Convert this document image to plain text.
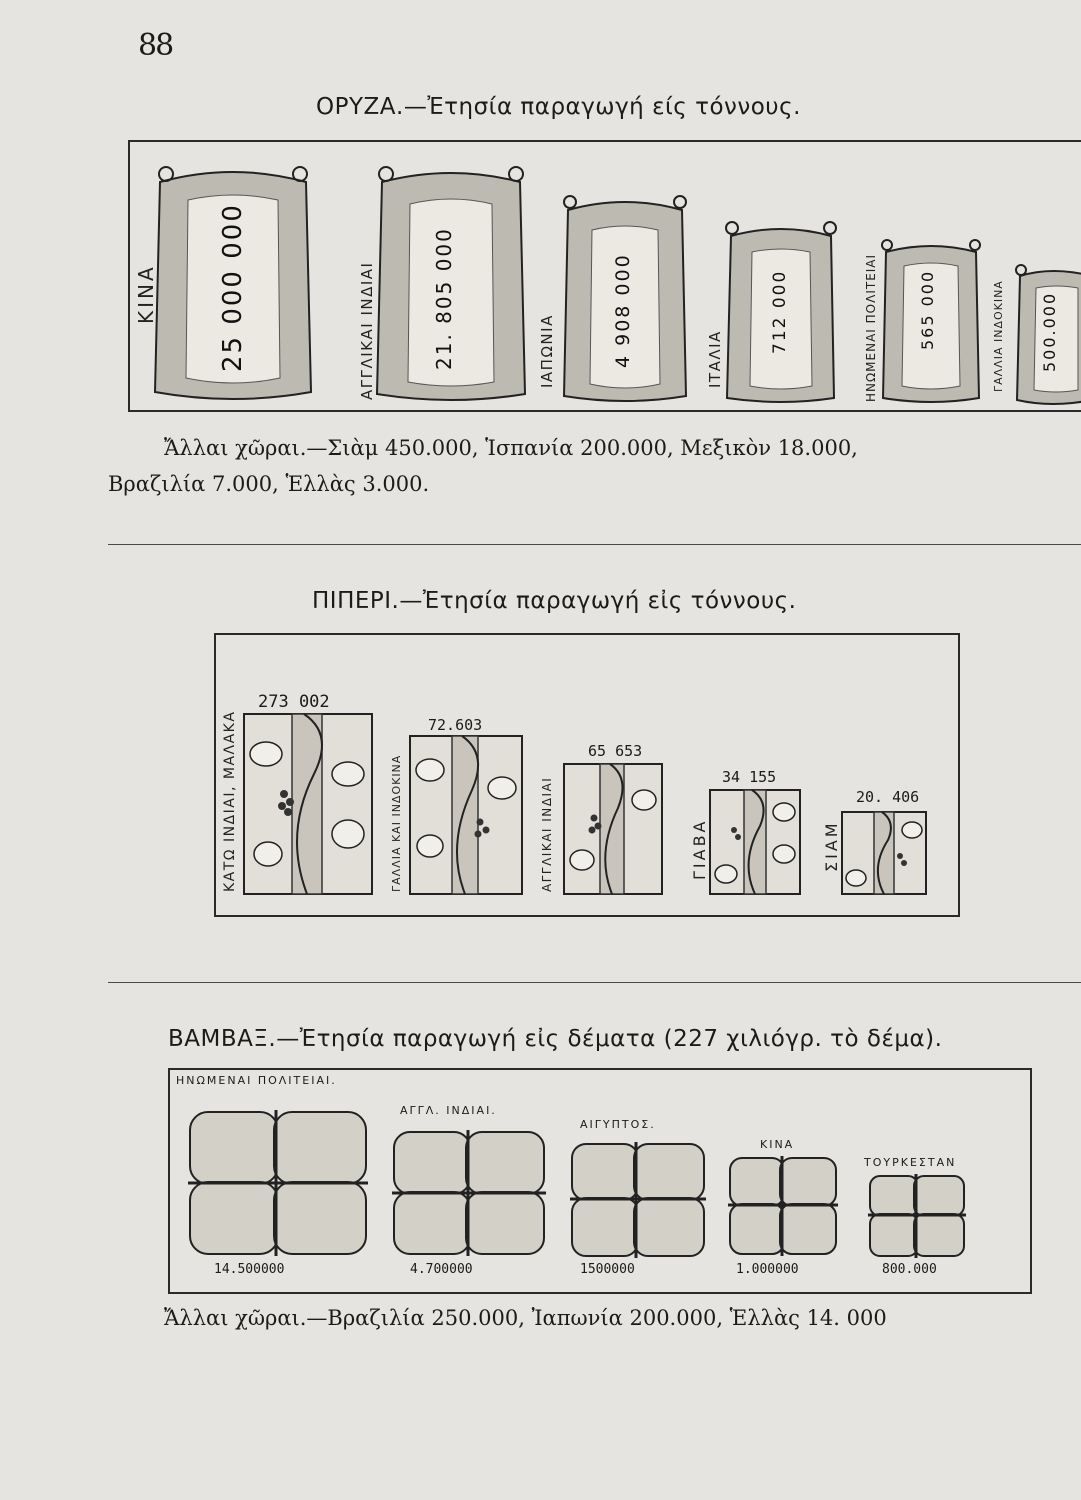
88
ΟΡΥΖΑ.—Ἐτησία παραγωγή είς τόννους.
ΚΙΝΑ 25 000 000	ΑΓΓΛΙΚΑΙ ΙΝΔΙΑΙ	21. 805 000	ΙΑΠΩΝΙΑ	4 908 000	ΙΤΑΛΙΑ
712 000	ΗΝΩΜΕΝΑΙ ΠΟΛΙΤΕΙΑΙ	565 000	ΓΑΛΛΙΑ ΙΝΔΟΚΙΝΑ 500.000
Ἄλλαι χῶραι.—Σιὰμ 450.000, Ἱσπανία 200.000, Μεξικὸν 18.000,
Βραζιλία 7.000, Ἑλλὰς 3.000.
ΠΙΠΕΡΙ.—Ἐτησία παραγωγή εἰς τόννους.
ΚΑΤΩ ΙΝΔΙΑΙ, ΜΑΛΑΚΑ
273 002
ΓΑΛΛΙΑ ΚΑΙ ΙΝΔΟΚΙΝΑ
72.603
ΑΓΓΛΙΚΑΙ ΙΝΔΙΑΙ
65 653
ΓΙΑΒΑ
34 155
ΣΙΑΜ
20. 406
ΒΑΜΒΑΞ.—Ἐτησία παραγωγή εἰς δέματα (227 χιλιόγρ. τὸ δέμα).
ΗΝΩΜΕΝΑΙ ΠΟΛΙΤΕΙΑΙ.
14.500000
ΑΓΓΛ. ΙΝΔΙΑΙ.
4.700000
ΑΙΓΥΠΤΟΣ.
1500000
ΚΙΝΑ
1.000000
ΤΟΥΡΚΕΣΤΑΝ
800.000
Ἄλλαι χῶραι.—Βραζιλία 250.000, Ἰαπωνία 200.000, Ἑλλὰς 14. 000
